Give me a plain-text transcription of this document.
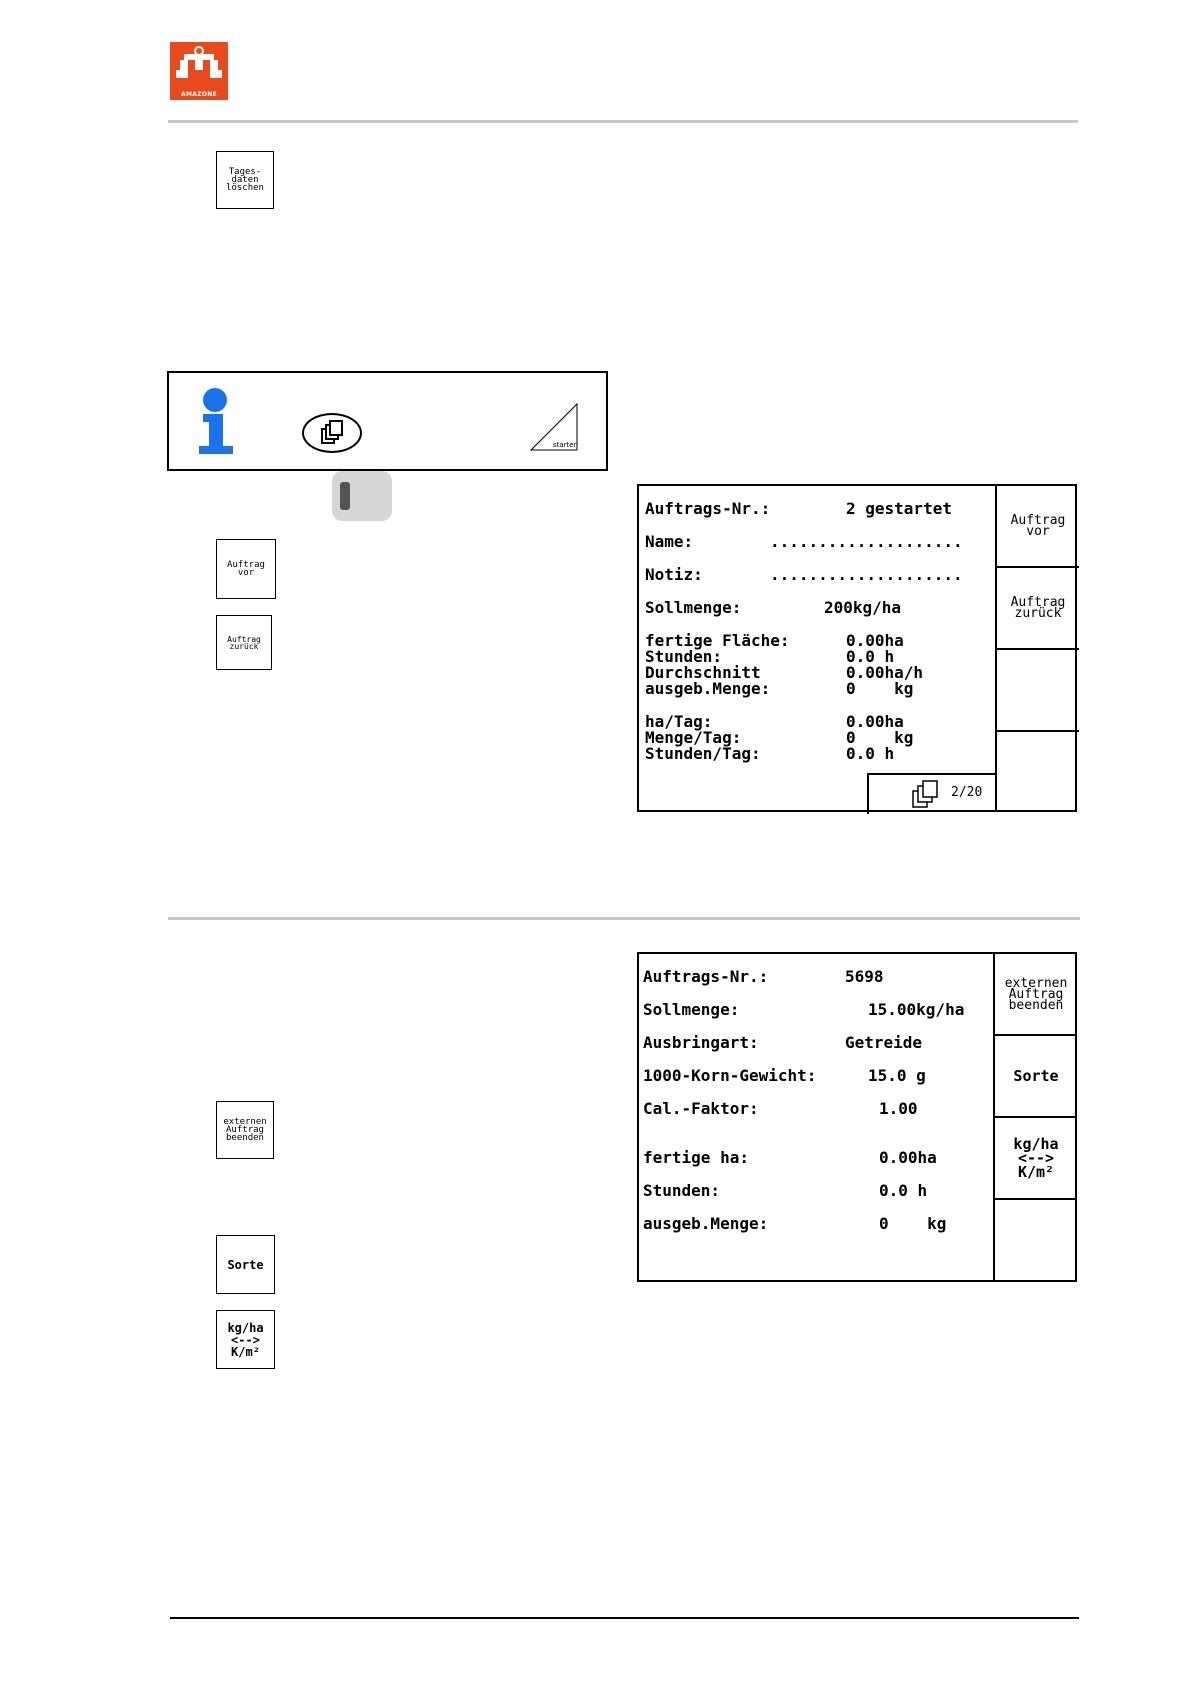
AMAZONE
Tages-
daten
löschen
starten
Auftrag
vor
Auftrag
zurück
Auftrags-Nr.:	2 gestartet
Name:	....................
Notiz:	....................
Sollmenge:	200kg/ha
fertige Fläche:	0.00ha
Stunden:	0.0 h
Durchschnitt	0.00ha/h
ausgeb.Menge:	0    kg
ha/Tag:	0.00ha
Menge/Tag:	0    kg
Stunden/Tag:	0.0 h
2/20
Auftrag
vor
Auftrag
zurück
Auftrags-Nr.:	5698
Sollmenge:	15.00kg/ha
Ausbringart:	Getreide
1000-Korn-Gewicht:	15.0 g
Cal.-Faktor:	1.00
fertige ha:	0.00ha
Stunden:	0.0 h
ausgeb.Menge:	0    kg
externen
Auftrag
beenden
Sorte
kg/ha
<-->
K/m²
externen
Auftrag
beenden
Sorte
kg/ha
<-->
K/m²
